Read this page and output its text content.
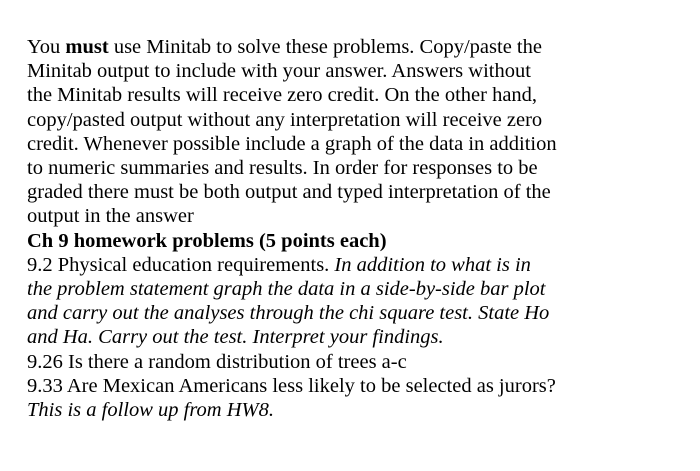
You must use Minitab to solve these problems. Copy/paste the
Minitab output to include with your answer. Answers without
the Minitab results will receive zero credit. On the other hand,
copy/pasted output without any interpretation will receive zero
credit. Whenever possible include a graph of the data in addition
to numeric summaries and results. In order for responses to be
graded there must be both output and typed interpretation of the
output in the answer
Ch 9 homework problems (5 points each)
9.2 Physical education requirements. In addition to what is in
the problem statement graph the data in a side-by-side bar plot
and carry out the analyses through the chi square test. State Ho
and Ha. Carry out the test. Interpret your findings.
9.26 Is there a random distribution of trees a-c
9.33 Are Mexican Americans less likely to be selected as jurors?
This is a follow up from HW8.
